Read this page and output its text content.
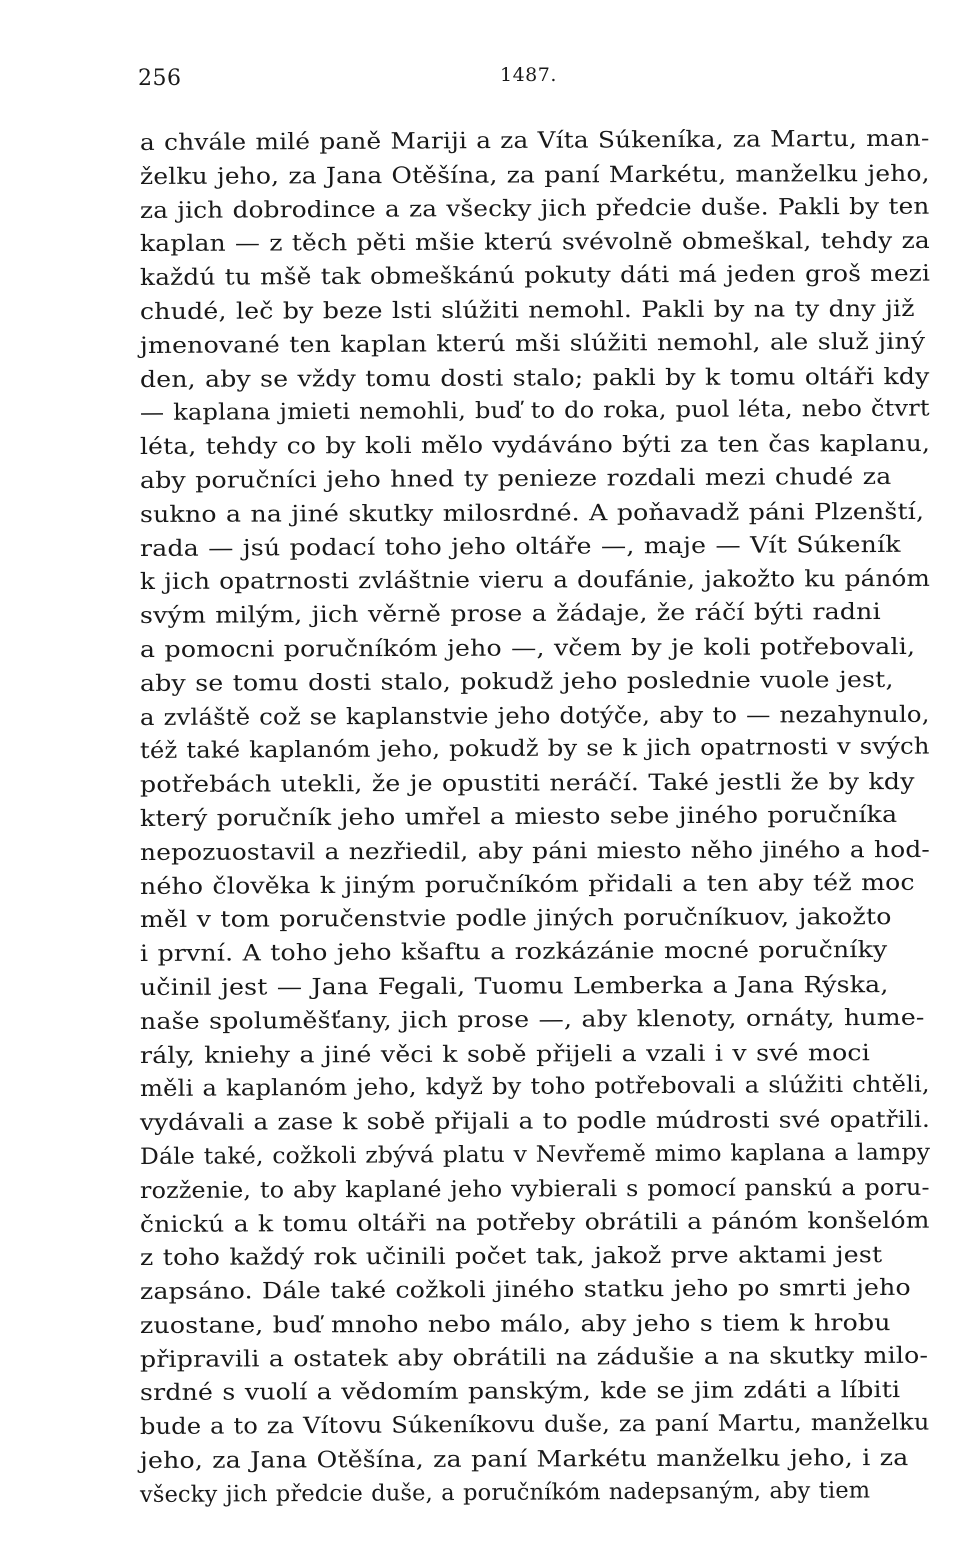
256	1487.
a chvále milé paně Mariji a za Víta Súkeníka, za Martu, man-
želku jeho, za Jana Otěšína, za paní Markétu, manželku jeho,
za jich dobrodince a za všecky jich předcie duše. Pakli by ten
kaplan — z těch pěti mšie kterú svévolně obmeškal, tehdy za
každú tu mšě tak obmeškánú pokuty dáti má jeden groš mezi
chudé, leč by beze lsti slúžiti nemohl. Pakli by na ty dny již
jmenované ten kaplan kterú mši slúžiti nemohl, ale služ jiný
den, aby se vždy tomu dosti stalo; pakli by k tomu oltáři kdy
— kaplana jmieti nemohli, buď to do roka, puol léta, nebo čtvrt
léta, tehdy co by koli mělo vydáváno býti za ten čas kaplanu,
aby poručníci jeho hned ty penieze rozdali mezi chudé za
sukno a na jiné skutky milosrdné. A poňavadž páni Plzenští,
rada — jsú podací toho jeho oltáře —, maje — Vít Súkeník
k jich opatrnosti zvláštnie vieru a doufánie, jakožto ku pánóm
svým milým, jich věrně prose a žádaje, že ráčí býti radni
a pomocni poručníkóm jeho —, včem by je koli potřebovali,
aby se tomu dosti stalo, pokudž jeho poslednie vuole jest,
a zvláště což se kaplanstvie jeho dotýče, aby to — nezahynulo,
též také kaplanóm jeho, pokudž by se k jich opatrnosti v svých
potřebách utekli, že je opustiti neráčí. Také jestli že by kdy
který poručník jeho umřel a miesto sebe jiného poručníka
nepozuostavil a nezřiedil, aby páni miesto něho jiného a hod-
ného člověka k jiným poručníkóm přidali a ten aby též moc
měl v tom poručenstvie podle jiných poručníkuov, jakožto
i první. A toho jeho kšaftu a rozkázánie mocné poručníky
učinil jest — Jana Fegali, Tuomu Lemberka a Jana Rýska,
naše spoluměšťany, jich prose —, aby klenoty, ornáty, hume-
rály, kniehy a jiné věci k sobě přijeli a vzali i v své moci
měli a kaplanóm jeho, když by toho potřebovali a slúžiti chtěli,
vydávali a zase k sobě přijali a to podle múdrosti své opatřili.
Dále také, cožkoli zbývá platu v Nevřemě mimo kaplana a lampy
rozženie, to aby kaplané jeho vybierali s pomocí panskú a poru-
čnickú a k tomu oltáři na potřeby obrátili a pánóm konšelóm
z toho každý rok učinili počet tak, jakož prve aktami jest
zapsáno. Dále také cožkoli jiného statku jeho po smrti jeho
zuostane, buď mnoho nebo málo, aby jeho s tiem k hrobu
připravili a ostatek aby obrátili na zádušie a na skutky milo-
srdné s vuolí a vědomím panským, kde se jim zdáti a líbiti
bude a to za Vítovu Súkeníkovu duše, za paní Martu, manželku
jeho, za Jana Otěšína, za paní Markétu manželku jeho, i za
všecky jich předcie duše, a poručníkóm nadepsaným, aby tiem
